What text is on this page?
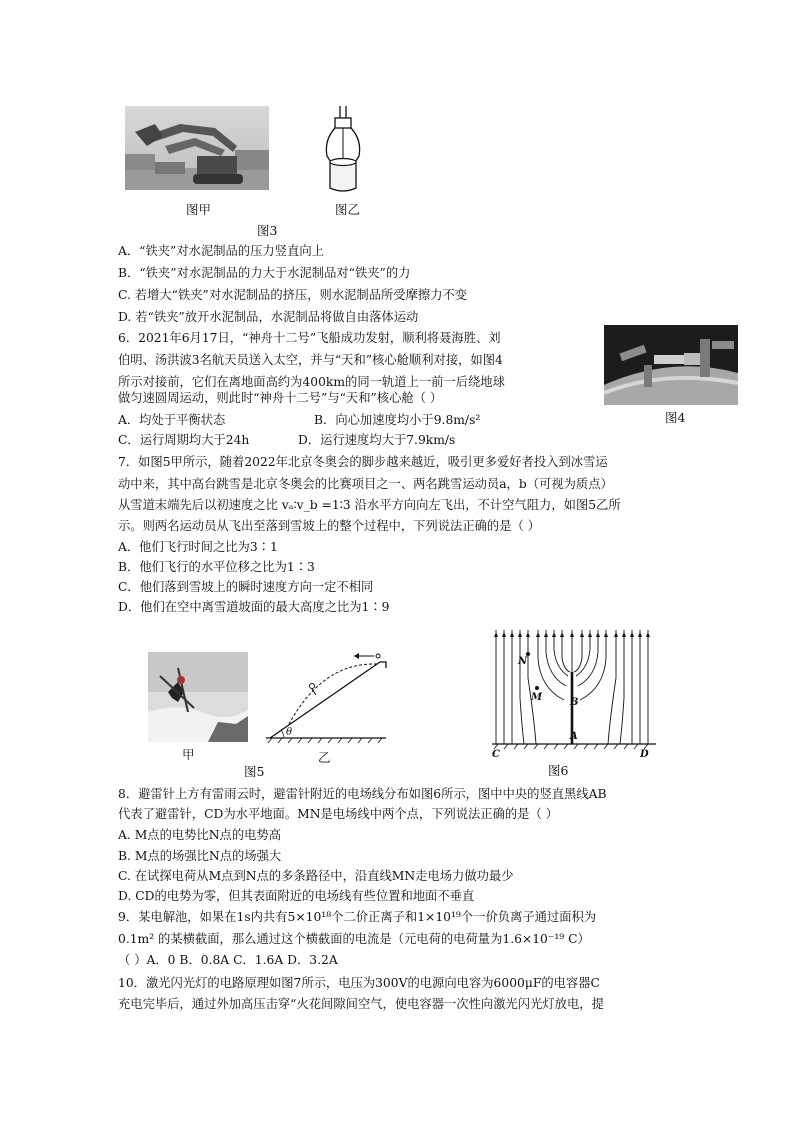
图甲	图乙
图3
A．“铁夹”对水泥制品的压力竖直向上
B．“铁夹”对水泥制品的力大于水泥制品对“铁夹”的力
C. 若增大“铁夹”对水泥制品的挤压，则水泥制品所受摩擦力不变
D. 若“铁夹”放开水泥制品，水泥制品将做自由落体运动
6．2021年6月17日，“神舟十二号”飞船成功发射，顺利将聂海胜、刘
伯明、汤洪波3名航天员送入太空，并与“天和”核心舱顺利对接，如图4
所示对接前，它们在离地面高约为400km的同一轨道上一前一后绕地球
做匀速圆周运动，则此时“神舟十二号”与“天和”核心舱（ ）
A．均处于平衡状态	B．向心加速度均小于9.8m/s²
C．运行周期均大于24h	D．运行速度均大于7.9km/s
图4
7．如图5甲所示，随着2022年北京冬奥会的脚步越来越近，吸引更多爱好者投入到冰雪运
动中来，其中高台跳雪是北京冬奥会的比赛项目之一、两名跳雪运动员a，b（可视为质点）
从雪道末端先后以初速度之比 vₐ∶v_b =1∶3 沿水平方向向左飞出，不计空气阻力，如图5乙所
示。则两名运动员从飞出至落到雪坡上的整个过程中，下列说法正确的是（ ）
A．他们飞行时间之比为3∶1
B．他们飞行的水平位移之比为1∶3
C．他们落到雪坡上的瞬时速度方向一定不相同
D．他们在空中离雪道坡面的最大高度之比为1∶9
甲
θ
乙
图5
N
M	B
A
C	D
图6
8．避雷针上方有雷雨云时，避雷针附近的电场线分布如图6所示，图中中央的竖直黑线AB
代表了避雷针，CD为水平地面。MN是电场线中两个点，下列说法正确的是（ ）
A. M点的电势比N点的电势高
B. M点的场强比N点的场强大
C. 在试探电荷从M点到N点的多条路径中，沿直线MN走电场力做功最少
D. CD的电势为零，但其表面附近的电场线有些位置和地面不垂直
9．某电解池，如果在1s内共有5×10¹⁸个二价正离子和1×10¹⁹个一价负离子通过面积为
0.1m² 的某横截面，那么通过这个横截面的电流是（元电荷的电荷量为1.6×10⁻¹⁹ C）
（ ）A．0 B．0.8A C．1.6A D．3.2A
10．激光闪光灯的电路原理如图7所示，电压为300V的电源向电容为6000μF的电容器C
充电完毕后，通过外加高压击穿“火花间隙间空气，使电容器一次性向激光闪光灯放电，提
